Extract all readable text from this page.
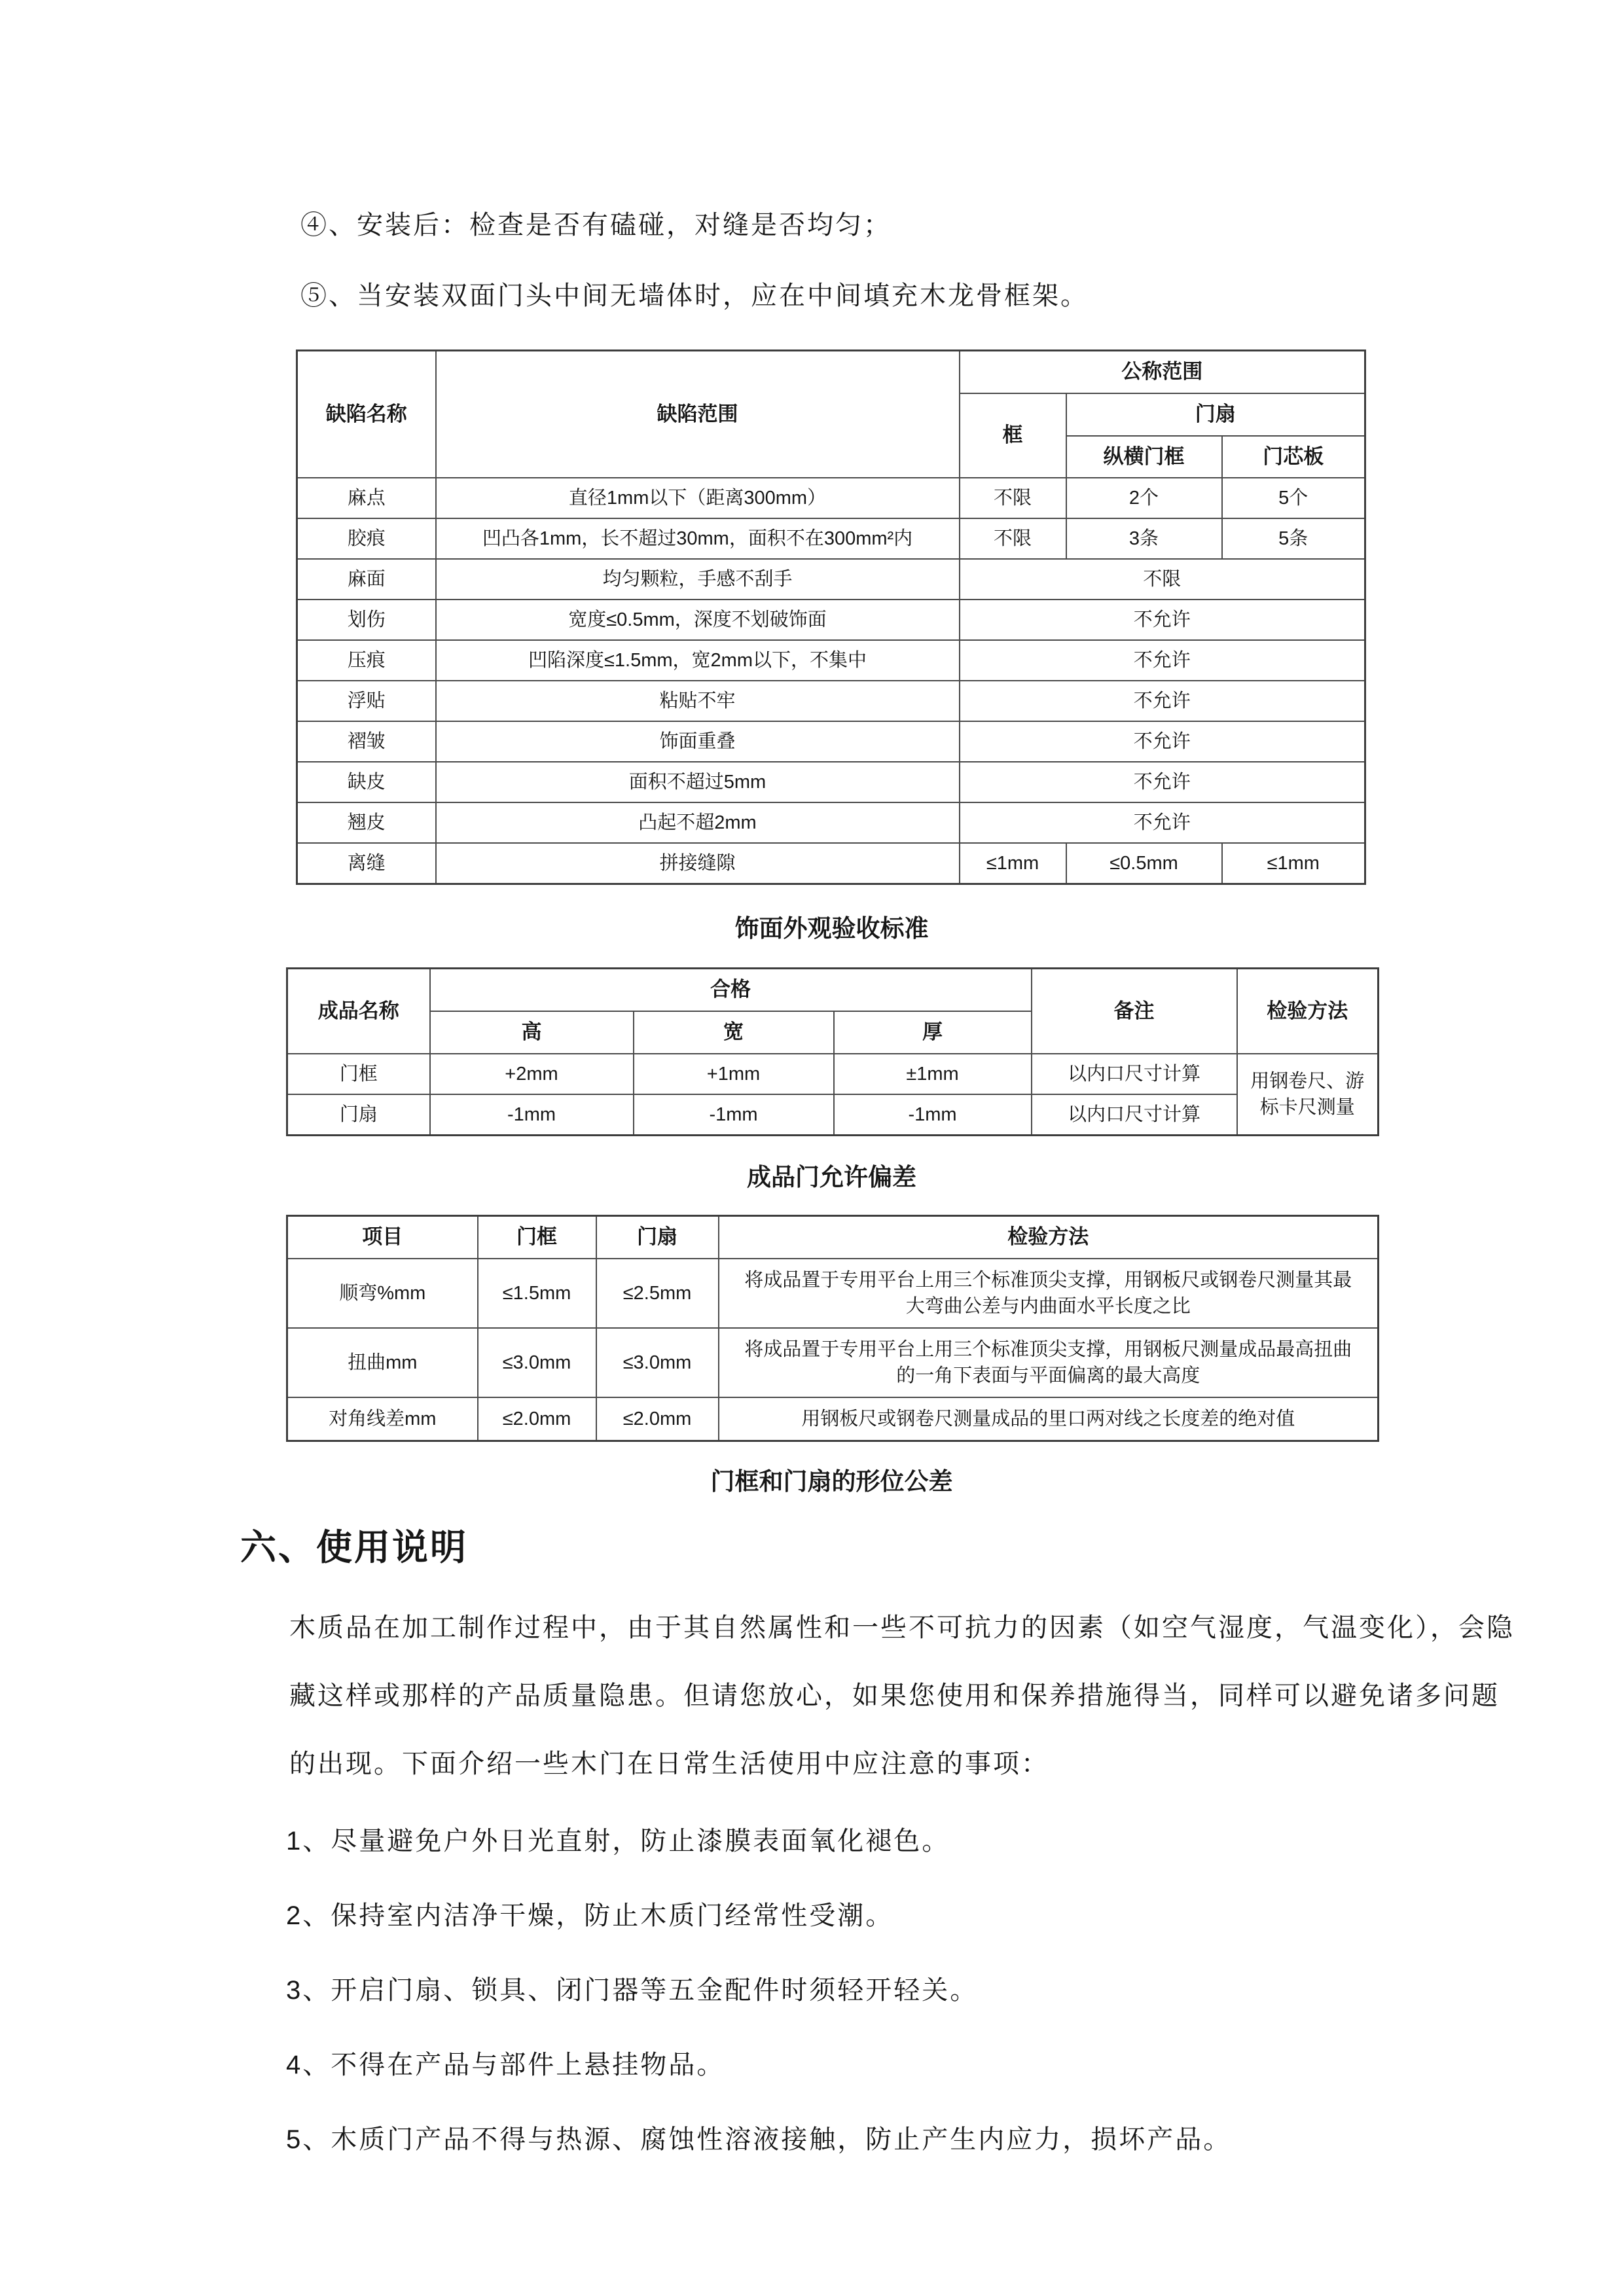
④、安装后：检查是否有磕碰，对缝是否均匀；

⑤、当安装双面门头中间无墙体时，应在中间填充木龙骨框架。

缺陷名称	缺陷范围	公称范围		
		框	门扇	
			纵横门框	门芯板
麻点	直径1mm以下（距离300mm）	不限	2个	5个
胶痕	凹凸各1mm，长不超过30mm，面积不在300mm²内	不限	3条	5条
麻面	均匀颗粒，手感不刮手	不限		
划伤	宽度≤0.5mm，深度不划破饰面	不允许		
压痕	凹陷深度≤1.5mm，宽2mm以下，不集中	不允许		
浮贴	粘贴不牢	不允许		
褶皱	饰面重叠	不允许		
缺皮	面积不超过5mm	不允许		
翘皮	凸起不超2mm	不允许		
离缝	拼接缝隙	≤1mm	≤0.5mm	≤1mm
饰面外观验收标准
成品名称	合格			备注	检验方法
	高	宽	厚		
门框	+2mm	+1mm	±1mm	以内口尺寸计算	用钢卷尺、游标卡尺测量
门扇	-1mm	-1mm	-1mm	以内口尺寸计算	
成品门允许偏差
项目	门框	门扇	检验方法
顺弯%mm	≤1.5mm	≤2.5mm	将成品置于专用平台上用三个标准顶尖支撑，用钢板尺或钢卷尺测量其最大弯曲公差与内曲面水平长度之比
扭曲mm	≤3.0mm	≤3.0mm	将成品置于专用平台上用三个标准顶尖支撑，用钢板尺测量成品最高扭曲的一角下表面与平面偏离的最大高度
对角线差mm	≤2.0mm	≤2.0mm	用钢板尺或钢卷尺测量成品的里口两对线之长度差的绝对值
门框和门扇的形位公差
六、使用说明
木质品在加工制作过程中，由于其自然属性和一些不可抗力的因素（如空气湿度，气温变化），会隐藏这样或那样的产品质量隐患。但请您放心，如果您使用和保养措施得当，同样可以避免诸多问题的出现。下面介绍一些木门在日常生活使用中应注意的事项：

1、尽量避免户外日光直射，防止漆膜表面氧化褪色。

2、保持室内洁净干燥，防止木质门经常性受潮。

3、开启门扇、锁具、闭门器等五金配件时须轻开轻关。

4、不得在产品与部件上悬挂物品。

5、木质门产品不得与热源、腐蚀性溶液接触，防止产生内应力，损坏产品。
